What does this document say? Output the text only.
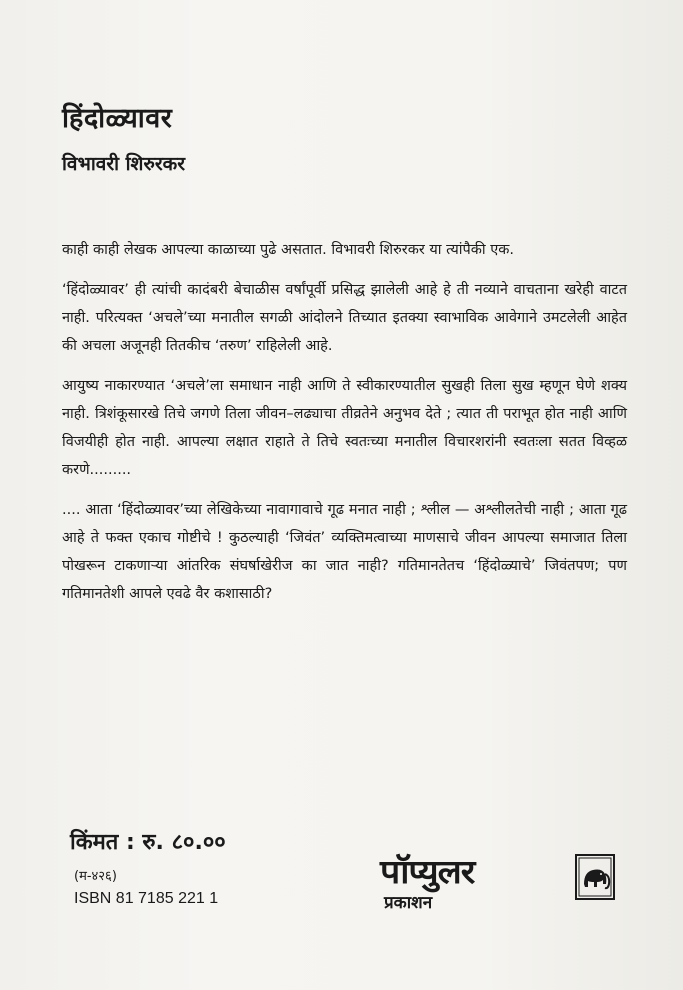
हिंदोळ्यावर
विभावरी शिरुरकर

काही काही लेखक आपल्या काळाच्या पुढे असतात. विभावरी शिरुरकर या त्यांपैकी एक.

‘हिंदोळ्यावर’ ही त्यांची कादंबरी बेचाळीस वर्षांपूर्वी प्रसिद्ध झालेली आहे हे ती नव्याने वाचताना खरेही वाटत नाही. परित्यक्त ‘अचले’च्या मनातील सगळी आंदोलने तिच्यात इतक्या स्वाभाविक आवेगाने उमटलेली आहेत की अचला अजूनही तितकीच ‘तरुण’ राहिलेली आहे.

आयुष्य नाकारण्यात ‘अचले’ला समाधान नाही आणि ते स्वीकारण्यातील सुखही तिला सुख म्हणून घेणे शक्य नाही. त्रिशंकूसारखे तिचे जगणे तिला जीवन–लढ्याचा तीव्रतेने अनुभव देते ; त्यात ती पराभूत होत नाही आणि विजयीही होत नाही. आपल्या लक्षात राहाते ते तिचे स्वतःच्या मनातील विचारशरांनी स्वतःला सतत विव्हळ करणे.........

.... आता ‘हिंदोळ्यावर’च्या लेखिकेच्या नावागावाचे गूढ मनात नाही ; श्लील — अश्लीलतेची नाही ; आता गूढ आहे ते फक्त एकाच गोष्टीचे ! कुठल्याही ‘जिवंत’ व्यक्तिमत्वाच्या माणसाचे जीवन आपल्या समाजात तिला पोखरून टाकणाऱ्या आंतरिक संघर्षाखेरीज का जात नाही? गतिमानतेतच ‘हिंदोळ्याचे’ जिवंतपण; पण गतिमानतेशी आपले एवढे वैर कशासाठी?

किंमत : रु. ८०.००
(म-४२६)
ISBN 81 7185 221 1
पॉप्युलर
प्रकाशन
